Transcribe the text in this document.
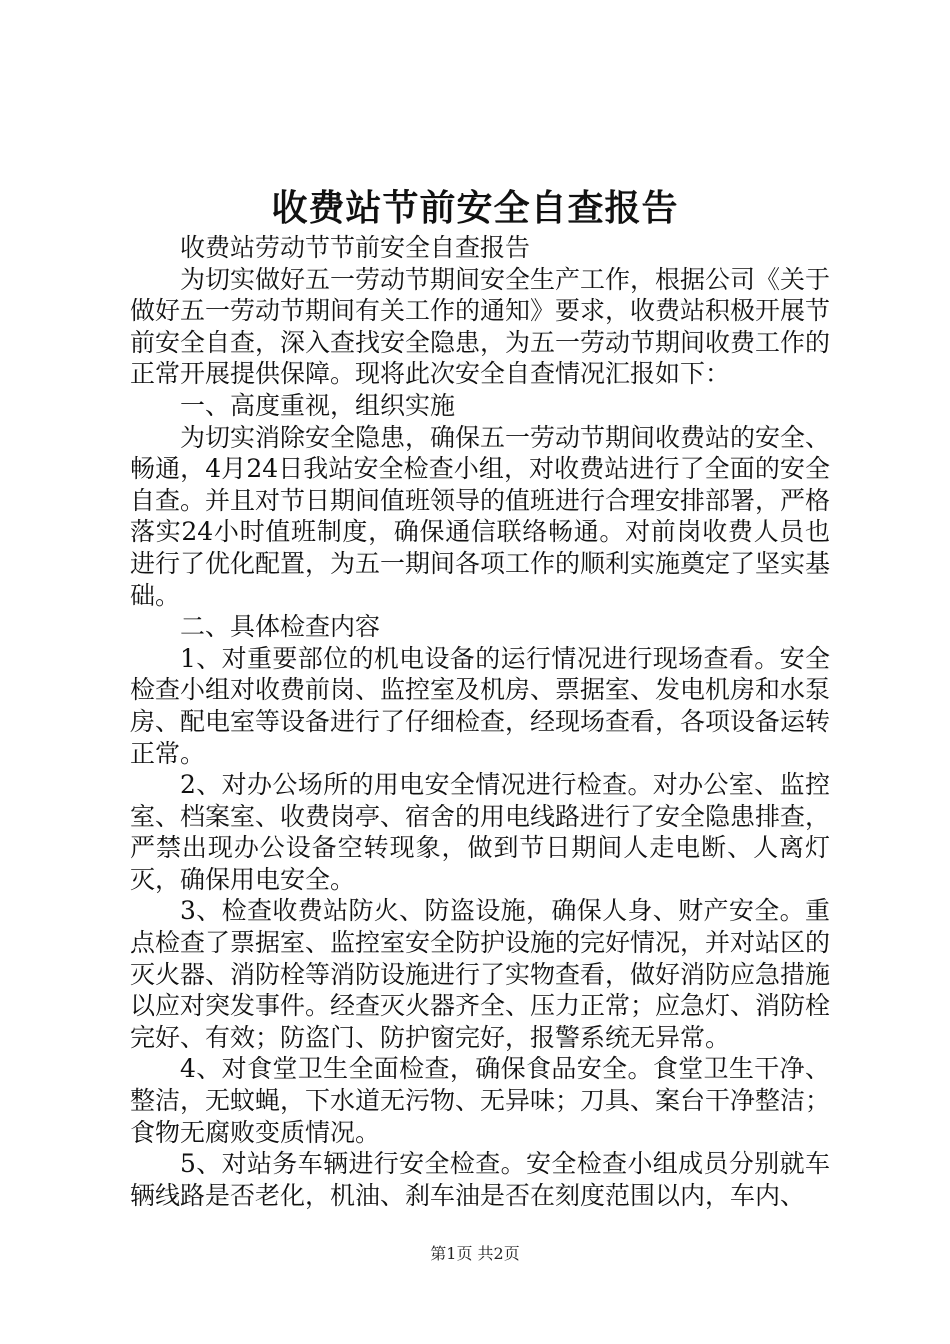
收费站节前安全自查报告

收费站劳动节节前安全自查报告

为切实做好五一劳动节期间安全生产工作，根据公司《关于做好五一劳动节期间有关工作的通知》要求，收费站积极开展节前安全自查，深入查找安全隐患，为五一劳动节期间收费工作的正常开展提供保障。现将此次安全自查情况汇报如下：

一、高度重视，组织实施

为切实消除安全隐患，确保五一劳动节期间收费站的安全、畅通，4月24日我站安全检查小组，对收费站进行了全面的安全自查。并且对节日期间值班领导的值班进行合理安排部署，严格落实24小时值班制度，确保通信联络畅通。对前岗收费人员也进行了优化配置，为五一期间各项工作的顺利实施奠定了坚实基础。

二、具体检查内容

1、对重要部位的机电设备的运行情况进行现场查看。安全检查小组对收费前岗、监控室及机房、票据室、发电机房和水泵房、配电室等设备进行了仔细检查，经现场查看，各项设备运转正常。

2、对办公场所的用电安全情况进行检查。对办公室、监控室、档案室、收费岗亭、宿舍的用电线路进行了安全隐患排查，严禁出现办公设备空转现象，做到节日期间人走电断、人离灯灭，确保用电安全。

3、检查收费站防火、防盗设施，确保人身、财产安全。重点检查了票据室、监控室安全防护设施的完好情况，并对站区的灭火器、消防栓等消防设施进行了实物查看，做好消防应急措施以应对突发事件。经查灭火器齐全、压力正常；应急灯、消防栓完好、有效；防盗门、防护窗完好，报警系统无异常。

4、对食堂卫生全面检查，确保食品安全。食堂卫生干净、整洁，无蚊蝇，下水道无污物、无异味；刀具、案台干净整洁；食物无腐败变质情况。

5、对站务车辆进行安全检查。安全检查小组成员分别就车辆线路是否老化，机油、刹车油是否在刻度范围以内，车内、

第1页 共2页
